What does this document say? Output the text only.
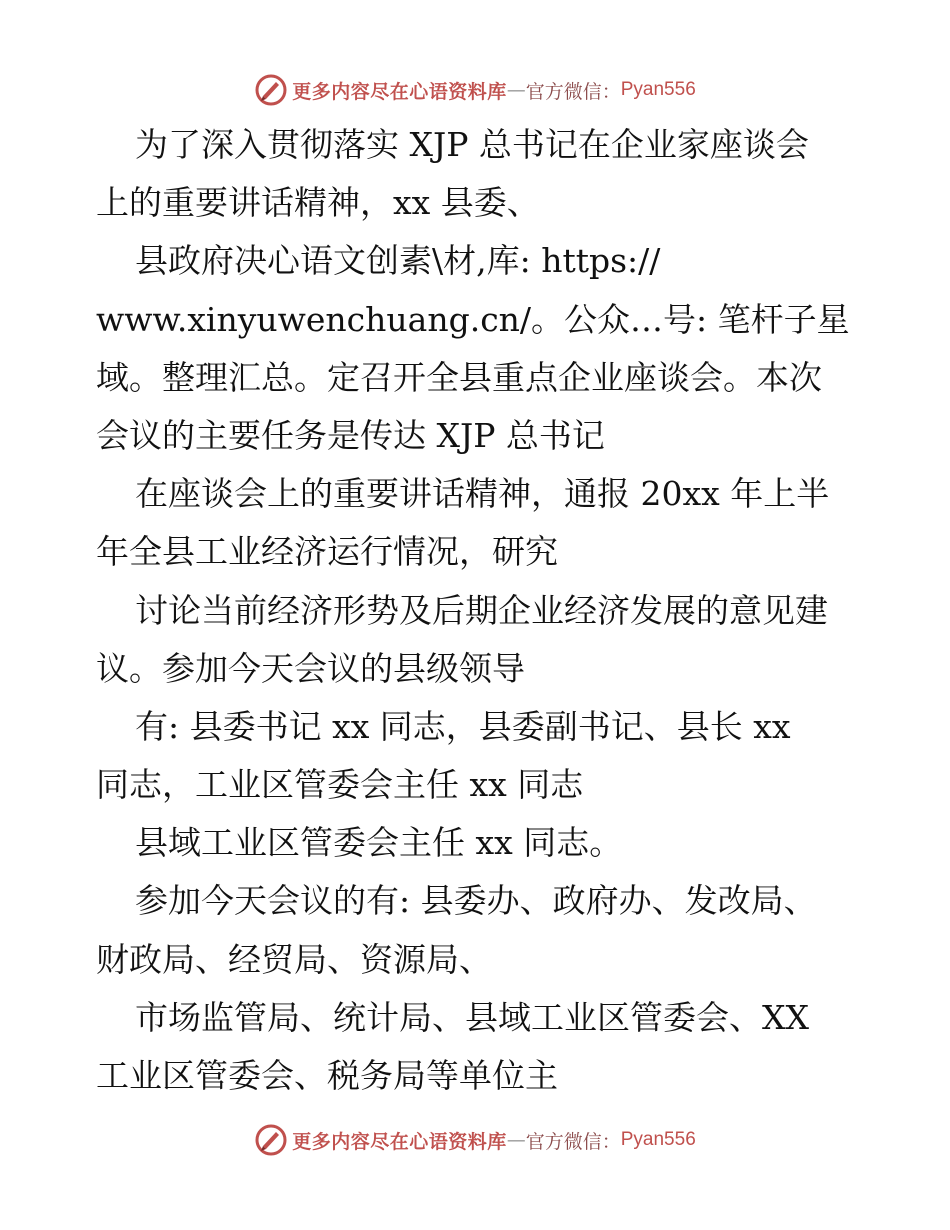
更多内容尽在心语资料库 — 官方微信： Pyan556
为了深入贯彻落实 XJP 总书记在企业家座谈会
上的重要讲话精神，xx 县委、
县政府决心语文创素\材,库: https://
www.xinyuwenchuang.cn/。公众…号: 笔杆子星
域。整理汇总。定召开全县重点企业座谈会。本次
会议的主要任务是传达 XJP 总书记
在座谈会上的重要讲话精神，通报 20xx 年上半
年全县工业经济运行情况，研究
讨论当前经济形势及后期企业经济发展的意见建
议。参加今天会议的县级领导
有: 县委书记 xx 同志，县委副书记、县长 xx
同志，工业区管委会主任 xx 同志
县域工业区管委会主任 xx 同志。
参加今天会议的有: 县委办、政府办、发改局、
财政局、经贸局、资源局、
市场监管局、统计局、县域工业区管委会、XX
工业区管委会、税务局等单位主
更多内容尽在心语资料库 — 官方微信： Pyan556
